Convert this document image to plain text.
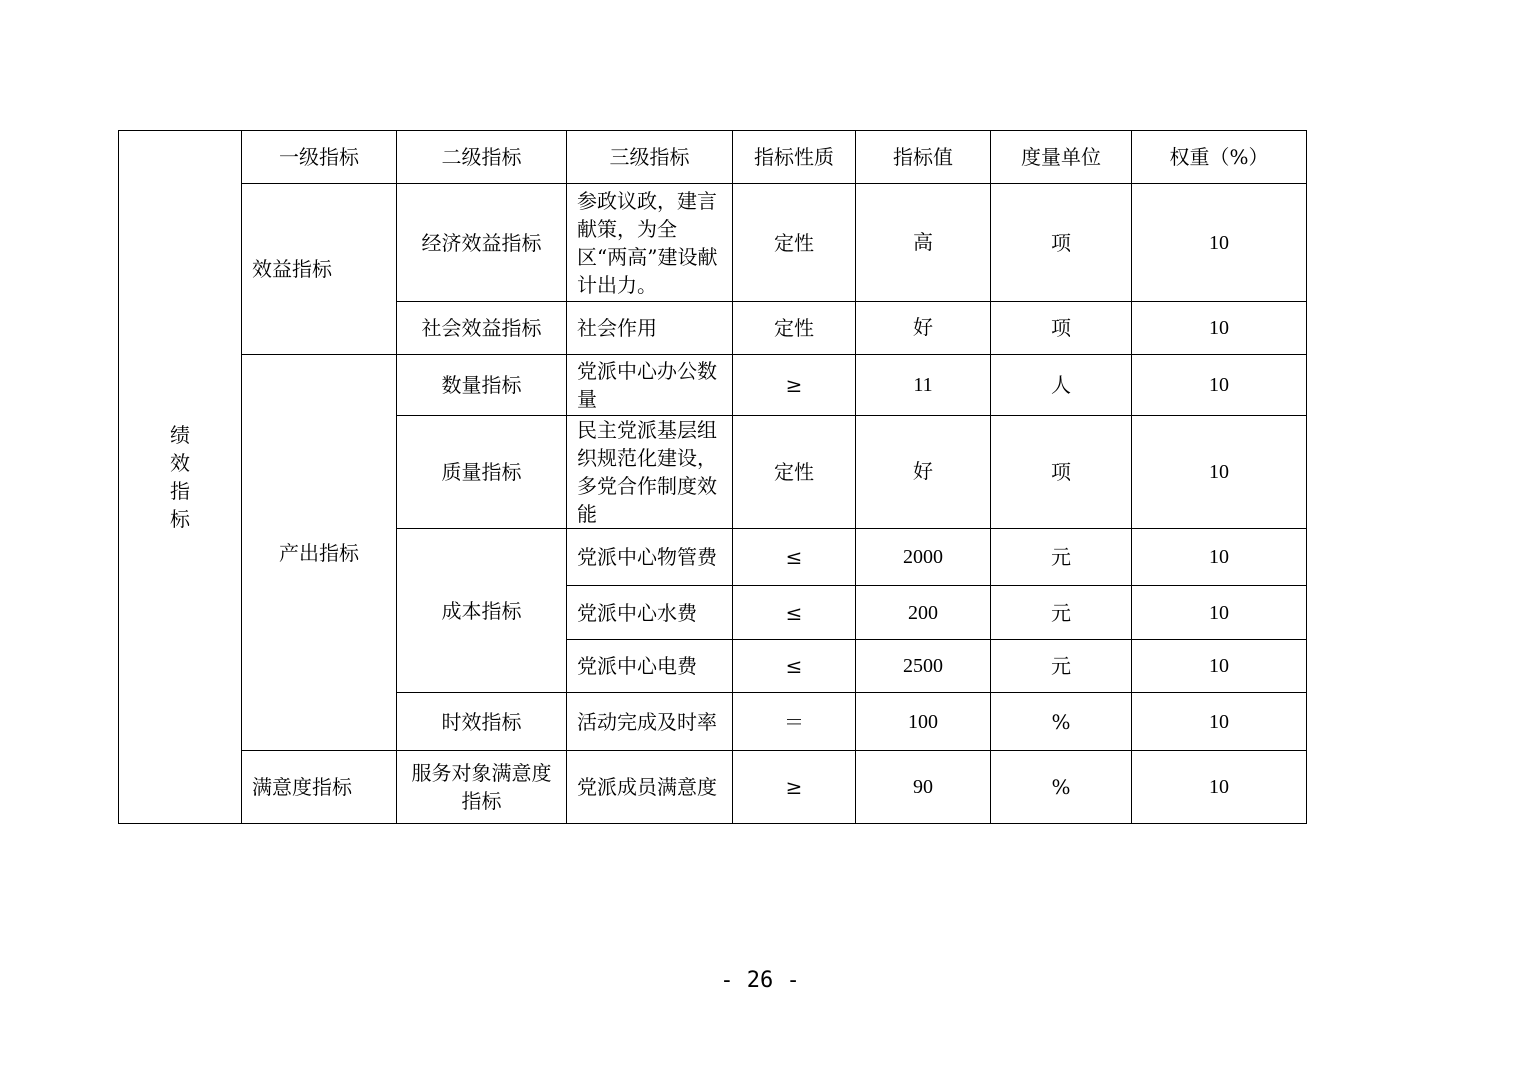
绩效指标	一级指标	二级指标	三级指标	指标性质	指标值	度量单位	权重（%）
	效益指标	经济效益指标	参政议政，建言献策，为全区“两高”建设献计出力。	定性	高	项	10
		社会效益指标	社会作用	定性	好	项	10
	产出指标	数量指标	党派中心办公数量	≥	11	人	10
		质量指标	民主党派基层组织规范化建设，多党合作制度效能	定性	好	项	10
		成本指标	党派中心物管费	≤	2000	元	10
			党派中心水费	≤	200	元	10
			党派中心电费	≤	2500	元	10
		时效指标	活动完成及时率	＝	100	%	10
	满意度指标	服务对象满意度指标	党派成员满意度	≥	90	%	10
- 26 -
